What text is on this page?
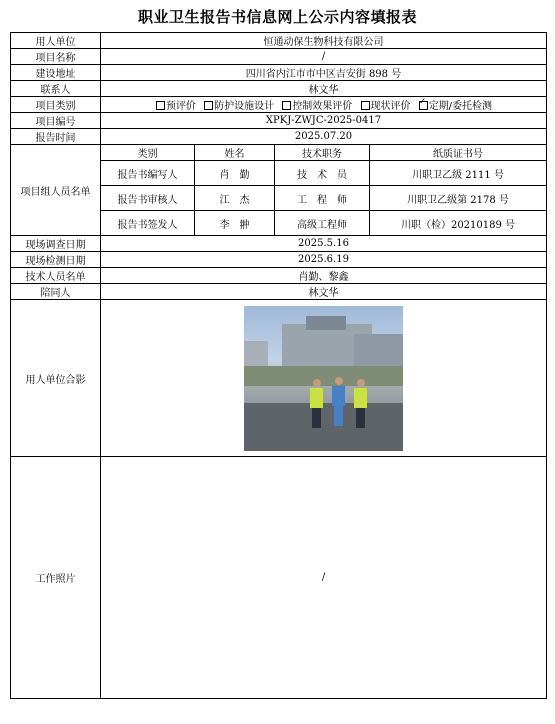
职业卫生报告书信息网上公示内容填报表
用人单位	恒通动保生物科技有限公司			
项目名称	/			
建设地址	四川省内江市市中区吉安街 898 号			
联系人	林文华			
项目类别	预评价 防护设施设计 控制效果评价 现状评价 ✓ 定期/委托检测
项目编号	XPKJ-ZWJC-2025-0417			
报告时间	2025.07.20			
项目组人员名单	类别	姓名	技术职务	纸质证书号
	报告书编写人	肖　勤	技　术　员	川职卫乙级 2111 号
	报告书审核人	江　杰	工　程　师	川职卫乙级第 2178 号
	报告书签发人	李　翀	高级工程师	川职（检）20210189 号
现场调查日期	2025.5.16			
现场检测日期	2025.6.19			
技术人员名单	肖勤、黎鑫			
陪同人	林文华			
用人单位合影				

工作照片	/			
